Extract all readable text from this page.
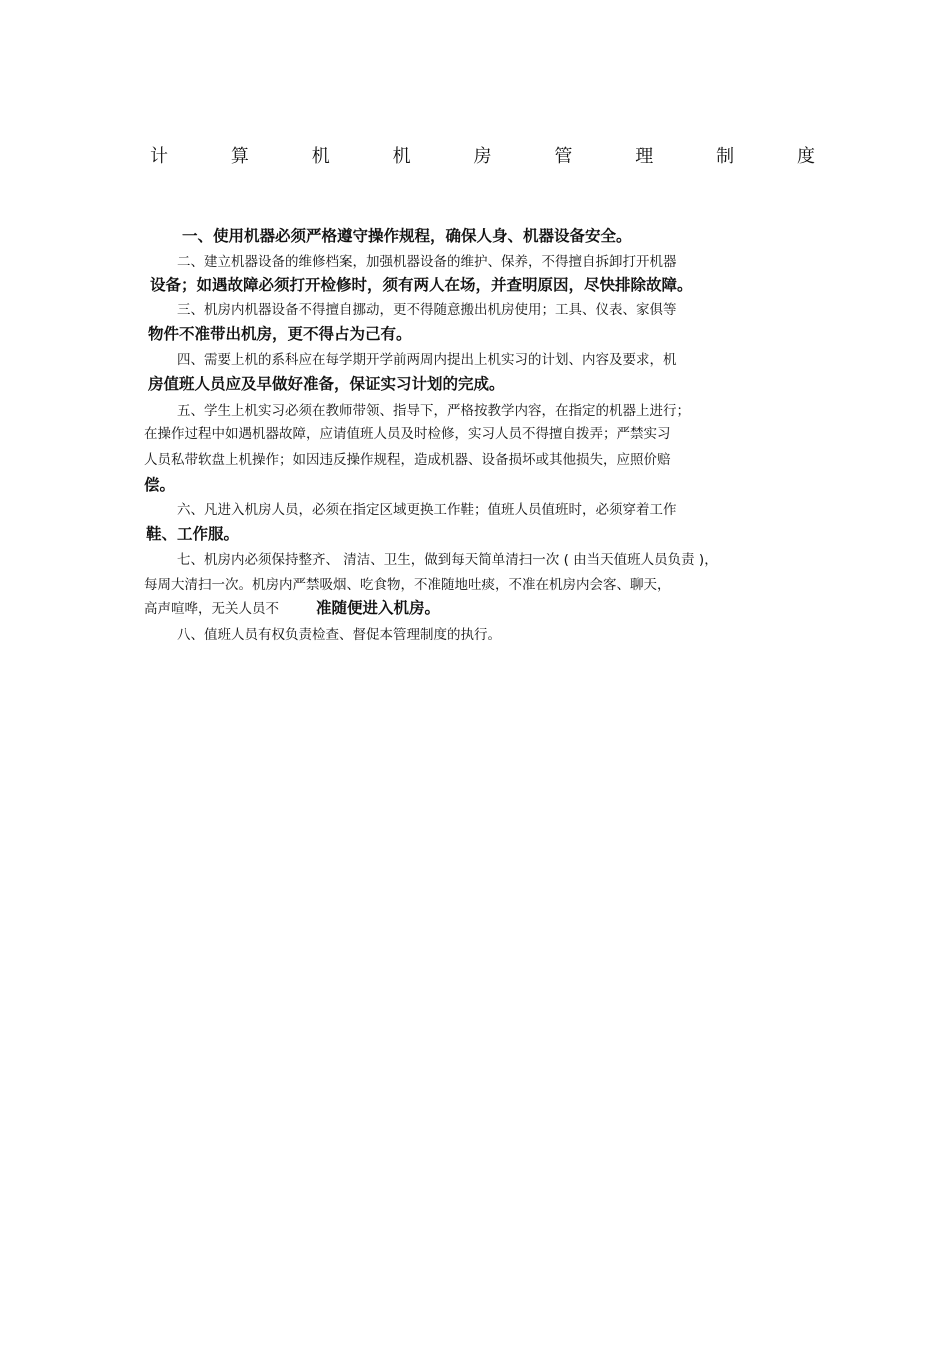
计	算	机	机	房	管	理	制	度
一、使用机器必须严格遵守操作规程，确保人身、机器设备安全。
二、建立机器设备的维修档案，加强机器设备的维护、保养，不得擅自拆卸打开机器
设备；如遇故障必须打开检修时，须有两人在场，并查明原因，尽快排除故障。
三、机房内机器设备不得擅自挪动，更不得随意搬出机房使用；工具、仪表、家俱等
物件不准带出机房，更不得占为己有。
四、需要上机的系科应在每学期开学前两周内提出上机实习的计划、内容及要求，机
房值班人员应及早做好准备，保证实习计划的完成。
五、学生上机实习必须在教师带领、指导下，严格按教学内容，在指定的机器上进行；
在操作过程中如遇机器故障，应请值班人员及时检修，实习人员不得擅自拨弄；严禁实习
人员私带软盘上机操作；如因违反操作规程，造成机器、设备损坏或其他损失，应照价赔
偿。
六、凡进入机房人员，必须在指定区域更换工作鞋；值班人员值班时，必须穿着工作
鞋、工作服。
七、机房内必须保持整齐、 清洁、卫生，做到每天简单清扫一次 ( 由当天值班人员负责 )，
每周大清扫一次。机房内严禁吸烟、吃食物，不准随地吐痰，不准在机房内会客、聊天，
高声喧哗，无关人员不 准随便进入机房。
八、值班人员有权负责检查、督促本管理制度的执行。
